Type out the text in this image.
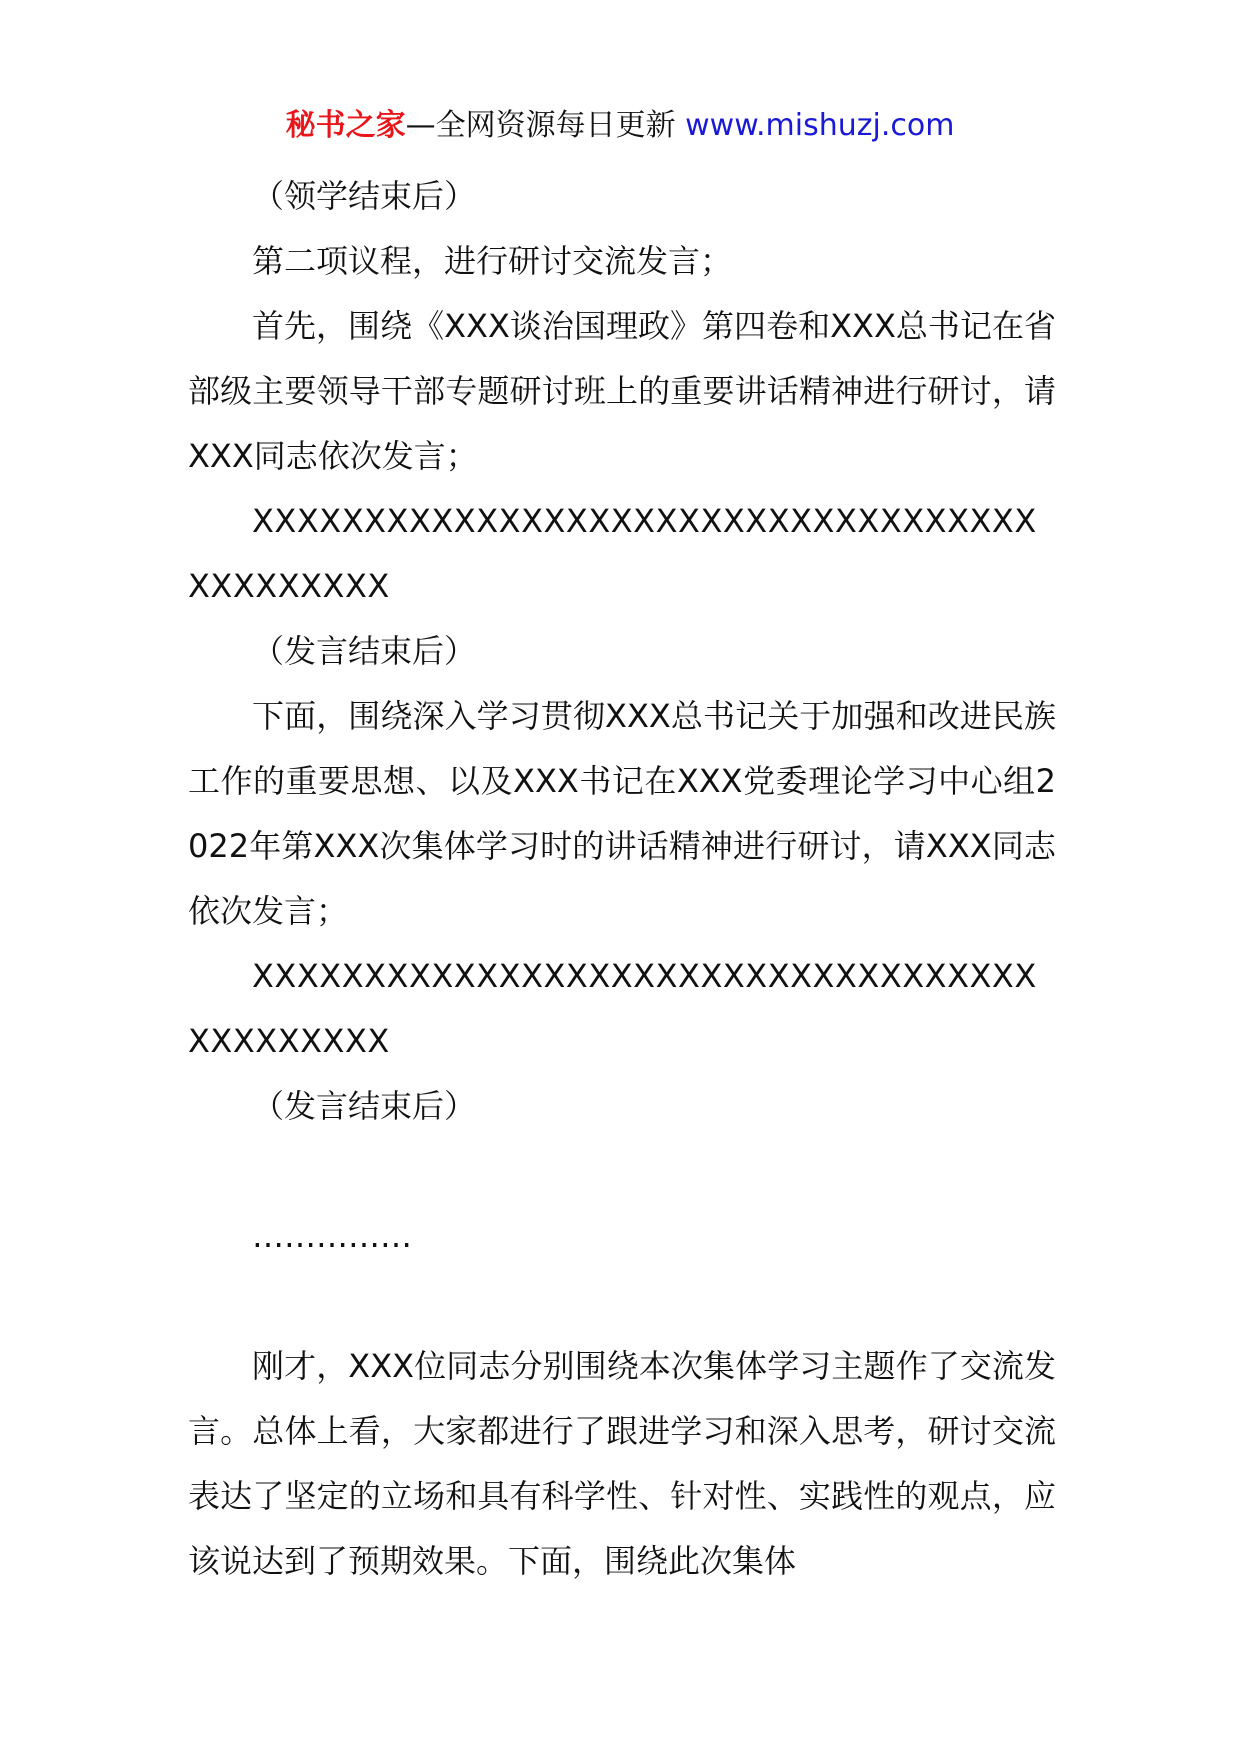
秘书之家—全网资源每日更新 www.mishuzj.com

（领学结束后）

第二项议程，进行研讨交流发言；

首先，围绕《XXX谈治国理政》第四卷和XXX总书记在省部级主要领导干部专题研讨班上的重要讲话精神进行研讨，请XXX同志依次发言；

XXXXXXXXXXXXXXXXXXXXXXXXXXXXXXXXXXXXXXXXXXXX

（发言结束后）

下面，围绕深入学习贯彻XXX总书记关于加强和改进民族工作的重要思想、以及XXX书记在XXX党委理论学习中心组2022年第XXX次集体学习时的讲话精神进行研讨，请XXX同志依次发言；

XXXXXXXXXXXXXXXXXXXXXXXXXXXXXXXXXXXXXXXXXXXX

（发言结束后）

……………

刚才，XXX位同志分别围绕本次集体学习主题作了交流发言。总体上看，大家都进行了跟进学习和深入思考，研讨交流表达了坚定的立场和具有科学性、针对性、实践性的观点，应该说达到了预期效果。下面，围绕此次集体
